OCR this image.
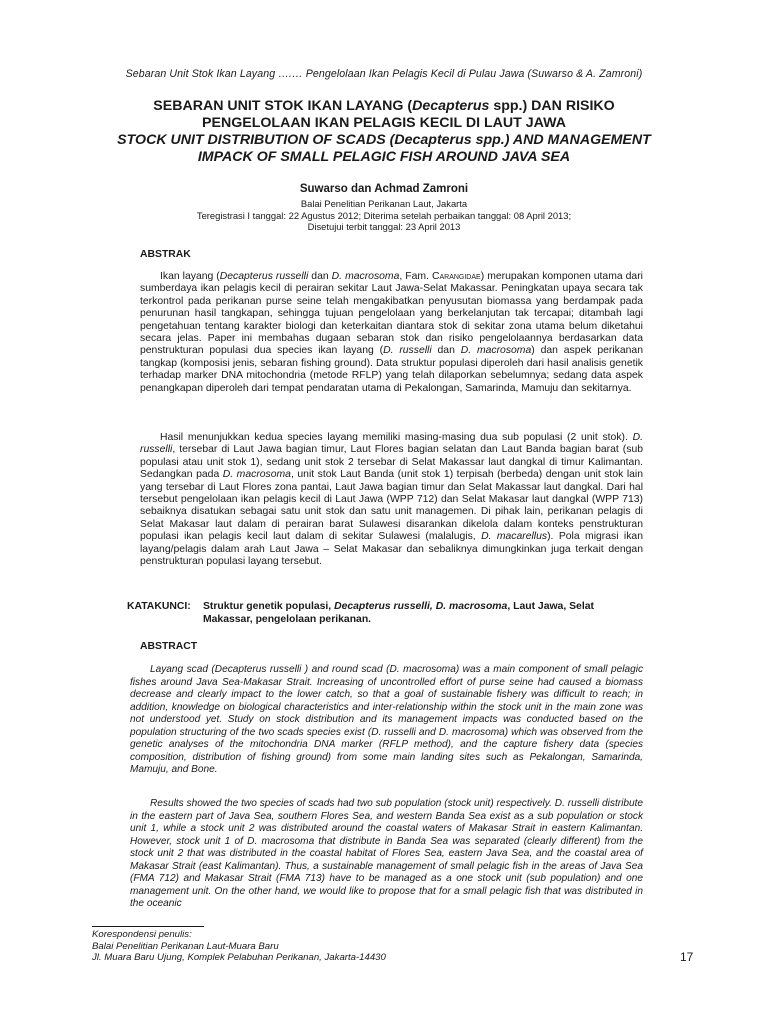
Sebaran Unit Stok Ikan Layang ….… Pengelolaan Ikan Pelagis Kecil di Pulau Jawa (Suwarso & A. Zamroni)

SEBARAN UNIT STOK IKAN LAYANG (Decapterus spp.) DAN RISIKO
PENGELOLAAN IKAN PELAGIS KECIL DI LAUT JAWA

STOCK UNIT DISTRIBUTION OF SCADS (Decapterus spp.) AND MANAGEMENT
IMPACK OF SMALL PELAGIC FISH AROUND JAVA SEA

Suwarso dan Achmad Zamroni
Balai Penelitian Perikanan Laut, Jakarta
Teregistrasi I tanggal: 22 Agustus 2012; Diterima setelah perbaikan tanggal: 08 April 2013;
Disetujui terbit tanggal: 23 April 2013
ABSTRAK

Ikan layang (Decapterus russelli dan D. macrosoma, Fam. Carangidae) merupakan komponen utama dari sumberdaya ikan pelagis kecil di perairan sekitar Laut Jawa-Selat Makassar. Peningkatan upaya secara tak terkontrol pada perikanan purse seine telah mengakibatkan penyusutan biomassa yang berdampak pada penurunan hasil tangkapan, sehingga tujuan pengelolaan yang berkelanjutan tak tercapai; ditambah lagi pengetahuan tentang karakter biologi dan keterkaitan diantara stok di sekitar zona utama belum diketahui secara jelas. Paper ini membahas dugaan sebaran stok dan risiko pengelolaannya berdasarkan data penstrukturan populasi dua species ikan layang (D. russelli dan D. macrosoma) dan aspek perikanan tangkap (komposisi jenis, sebaran fishing ground). Data struktur populasi diperoleh dari hasil analisis genetik terhadap marker DNA mitochondria (metode RFLP) yang telah dilaporkan sebelumnya; sedang data aspek penangkapan diperoleh dari tempat pendaratan utama di Pekalongan, Samarinda, Mamuju dan sekitarnya.

Hasil menunjukkan kedua species layang memiliki masing-masing dua sub populasi (2 unit stok). D. russelli, tersebar di Laut Jawa bagian timur, Laut Flores bagian selatan dan Laut Banda bagian barat (sub populasi atau unit stok 1), sedang unit stok 2 tersebar di Selat Makassar laut dangkal di timur Kalimantan. Sedangkan pada D. macrosoma, unit stok Laut Banda (unit stok 1) terpisah (berbeda) dengan unit stok lain yang tersebar di Laut Flores zona pantai, Laut Jawa bagian timur dan Selat Makassar laut dangkal. Dari hal tersebut pengelolaan ikan pelagis kecil di Laut Jawa (WPP 712) dan Selat Makasar laut dangkal (WPP 713) sebaiknya disatukan sebagai satu unit stok dan satu unit managemen. Di pihak lain, perikanan pelagis di Selat Makasar laut dalam di perairan barat Sulawesi disarankan dikelola dalam konteks penstrukturan populasi ikan pelagis kecil laut dalam di sekitar Sulawesi (malalugis, D. macarellus). Pola migrasi ikan layang/pelagis dalam arah Laut Jawa – Selat Makasar dan sebaliknya dimungkinkan juga terkait dengan penstrukturan populasi layang tersebut.

KATAKUNCI: Struktur genetik populasi, Decapterus russelli, D. macrosoma, Laut Jawa, Selat Makassar, pengelolaan perikanan.
ABSTRACT

Layang scad (Decapterus russelli ) and round scad (D. macrosoma) was a main component of small pelagic fishes around Java Sea-Makasar Strait. Increasing of uncontrolled effort of purse seine had caused a biomass decrease and clearly impact to the lower catch, so that a goal of sustainable fishery was difficult to reach; in addition, knowledge on biological characteristics and inter-relationship within the stock unit in the main zone was not understood yet. Study on stock distribution and its management impacts was conducted based on the population structuring of the two scads species exist (D. russelli and D. macrosoma) which was observed from the genetic analyses of the mitochondria DNA marker (RFLP method), and the capture fishery data (species composition, distribution of fishing ground) from some main landing sites such as Pekalongan, Samarinda, Mamuju, and Bone.

Results showed the two species of scads had two sub population (stock unit) respectively. D. russelli distribute in the eastern part of Java Sea, southern Flores Sea, and western Banda Sea exist as a sub population or stock unit 1, while a stock unit 2 was distributed around the coastal waters of Makasar Strait in eastern Kalimantan. However, stock unit 1 of D. macrosoma that distribute in Banda Sea was separated (clearly different) from the stock unit 2 that was distributed in the coastal habitat of Flores Sea, eastern Java Sea, and the coastal area of Makasar Strait (east Kalimantan). Thus, a sustainable management of small pelagic fish in the areas of Java Sea (FMA 712) and Makasar Strait (FMA 713) have to be managed as a one stock unit (sub population) and one management unit. On the other hand, we would like to propose that for a small pelagic fish that was distributed in the oceanic

Korespondensi penulis:
Balai Penelitian Perikanan Laut-Muara Baru
Jl. Muara Baru Ujung, Komplek Pelabuhan Perikanan, Jakarta-14430	17
